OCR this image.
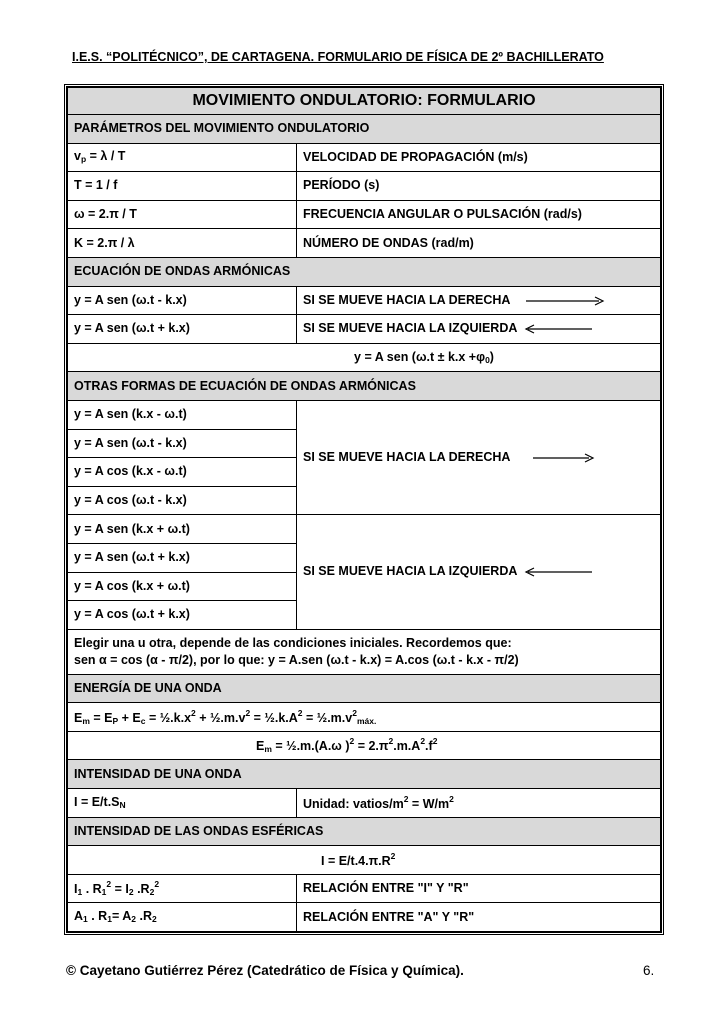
I.E.S. “POLITÉCNICO”, DE CARTAGENA. FORMULARIO DE FÍSICA DE 2º BACHILLERATO
MOVIMIENTO ONDULATORIO: FORMULARIO	
PARÁMETROS DEL MOVIMIENTO ONDULATORIO	
$v_p = \lambda / T$	VELOCIDAD DE PROPAGACIÓN (m/s)
T = 1 / f	PERÍODO (s)
ω = 2.π / T	FRECUENCIA ANGULAR O PULSACIÓN (rad/s)
K = 2.π / λ	NÚMERO DE ONDAS (rad/m)
ECUACIÓN DE ONDAS ARMÓNICAS	
y = A sen (ω.t - k.x)	SI SE MUEVE HACIA LA DERECHA
y = A sen (ω.t + k.x)	SI SE MUEVE HACIA LA IZQUIERDA
y = A sen $(\omega.t \pm k.x +\varphi_0)$	
OTRAS FORMAS DE ECUACIÓN DE ONDAS ARMÓNICAS	
y = A sen (k.x - ω.t)	SI SE MUEVE HACIA LA DERECHA
y = A sen (ω.t - k.x)	
y = A cos (k.x - ω.t)	
y = A cos (ω.t - k.x)	
y = A sen (k.x + ω.t)	SI SE MUEVE HACIA LA IZQUIERDA
y = A sen (ω.t + k.x)	
y = A cos (k.x + ω.t)	
y = A cos (ω.t + k.x)	
Elegir una u otra, depende de las condiciones iniciales. Recordemos que:
sen α = cos (α - π/2), por lo que: y = A.sen (ω.t - k.x) = A.cos (ω.t - k.x - π/2)	
ENERGÍA DE UNA ONDA	
$E_m = E_P + E_c$ = $\frac{1}{2}.k.x^2$ + $\frac{1}{2}.m.v^2$ = $\frac{1}{2}.k.A^2$ = $\frac{1}{2}.m.v^2_{máx.}$
$E_m$ = ½.m.(A.ω )$^2 = 2.\pi^2.m.A^2.f^2$
INTENSIDAD DE UNA ONDA	
$I = E/t.S_N$	Unidad: vatios/$m^2 = W/m^2$
INTENSIDAD DE LAS ONDAS ESFÉRICAS	
$I = E/t.4.\pi.R^2$
$I_1$ . $R_1^2 = I_2$ $.R_2^2$	RELACIÓN ENTRE "I" Y "R"
$A_1$ . $R_1= A_2$ $.R_2$	RELACIÓN ENTRE "A" Y "R"
© Cayetano Gutiérrez Pérez (Catedrático de Física y Química).	6.
